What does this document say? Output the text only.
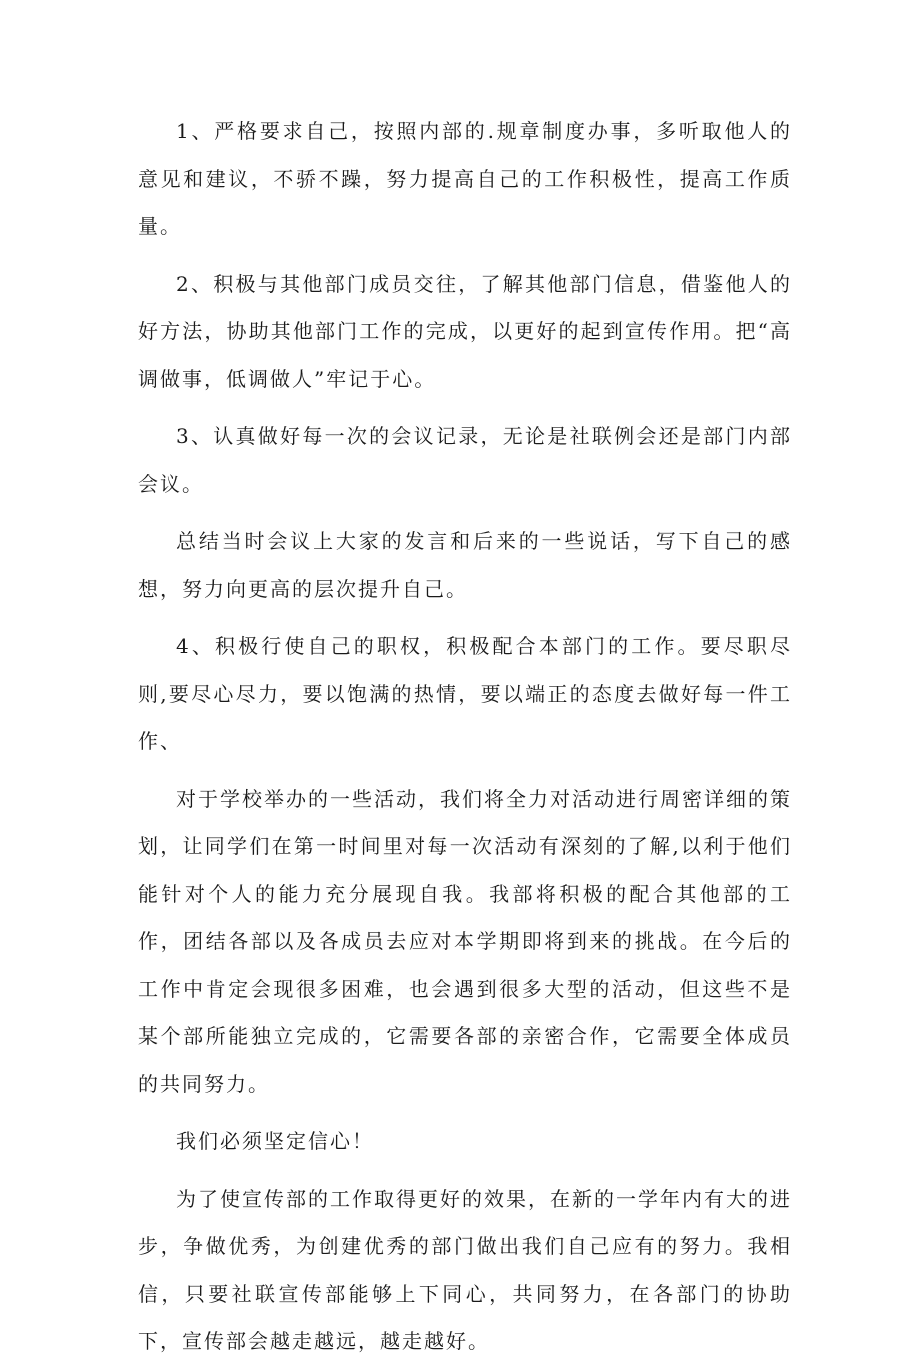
1、严格要求自己，按照内部的.规章制度办事，多听取他人的意见和建议，不骄不躁，努力提高自己的工作积极性，提高工作质量。

2、积极与其他部门成员交往，了解其他部门信息，借鉴他人的好方法，协助其他部门工作的完成，以更好的起到宣传作用。把“高调做事，低调做人”牢记于心。

3、认真做好每一次的会议记录，无论是社联例会还是部门内部会议。

总结当时会议上大家的发言和后来的一些说话，写下自己的感想，努力向更高的层次提升自己。

4、积极行使自己的职权，积极配合本部门的工作。要尽职尽则,要尽心尽力，要以饱满的热情，要以端正的态度去做好每一件工作、

对于学校举办的一些活动，我们将全力对活动进行周密详细的策划，让同学们在第一时间里对每一次活动有深刻的了解,以利于他们能针对个人的能力充分展现自我。我部将积极的配合其他部的工作，团结各部以及各成员去应对本学期即将到来的挑战。在今后的工作中肯定会现很多困难，也会遇到很多大型的活动，但这些不是某个部所能独立完成的，它需要各部的亲密合作，它需要全体成员的共同努力。

我们必须坚定信心！

为了使宣传部的工作取得更好的效果，在新的一学年内有大的进步，争做优秀，为创建优秀的部门做出我们自己应有的努力。我相信，只要社联宣传部能够上下同心，共同努力，在各部门的协助下，宣传部会越走越远，越走越好。
